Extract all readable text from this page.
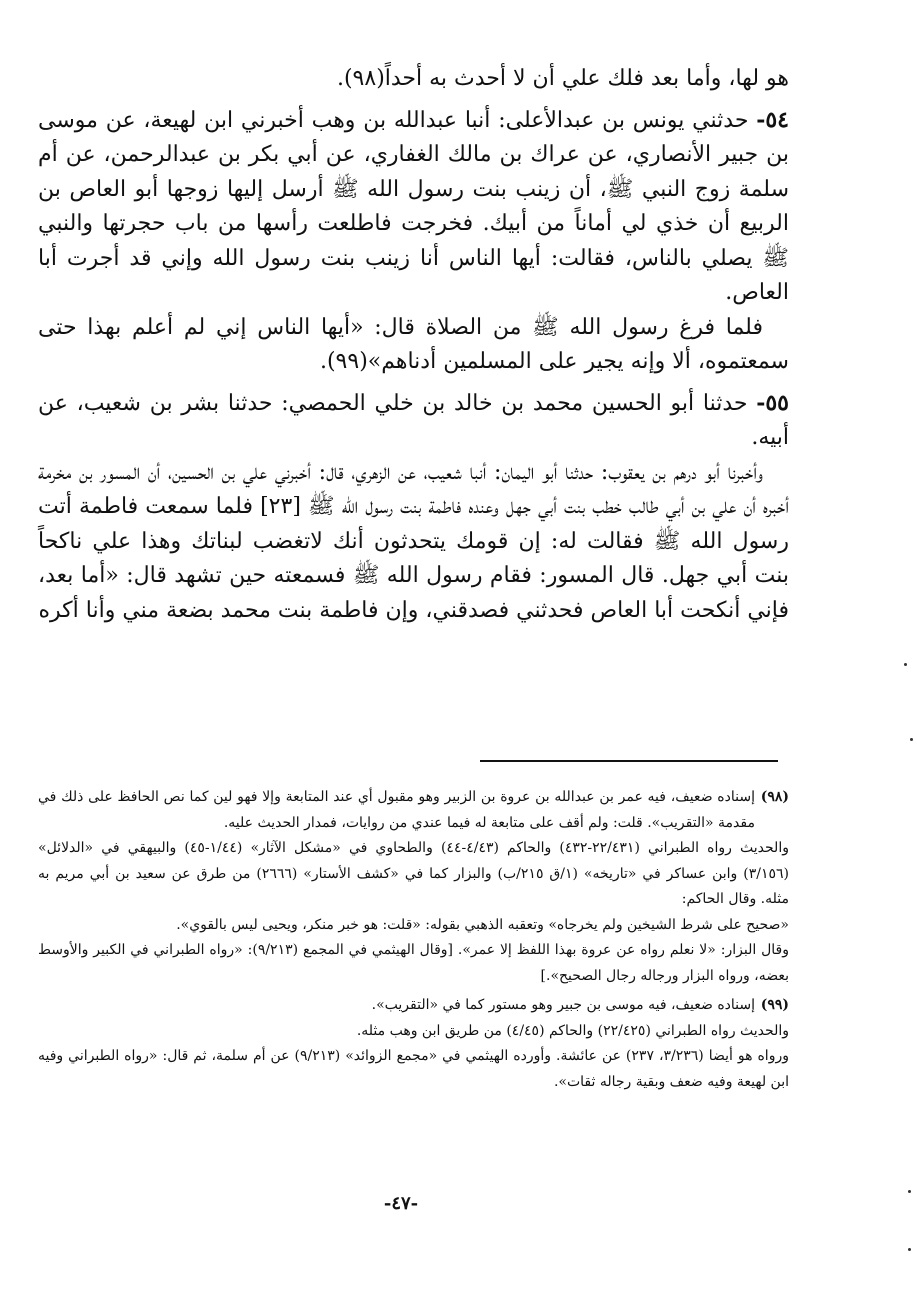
هو لها، وأما بعد فلك علي أن لا أحدث به أحداً(٩٨).

٥٤- حدثني يونس بن عبدالأعلى: أنبا عبدالله بن وهب أخبرني ابن لهيعة، عن موسى بن جبير الأنصاري، عن عراك بن مالك الغفاري، عن أبي بكر بن عبدالرحمن، عن أم سلمة زوج النبي ﷺ، أن زينب بنت رسول الله ﷺ أرسل إليها زوجها أبو العاص بن الربيع أن خذي لي أماناً من أبيك. فخرجت فاطلعت رأسها من باب حجرتها والنبي ﷺ يصلي بالناس، فقالت: أيها الناس أنا زينب بنت رسول الله وإني قد أجرت أبا العاص.

فلما فرغ رسول الله ﷺ من الصلاة قال: «أيها الناس إني لم أعلم بهذا حتى سمعتموه، ألا وإنه يجير على المسلمين أدناهم»(٩٩).

٥٥- حدثنا أبو الحسين محمد بن خالد بن خلي الحمصي: حدثنا بشر بن شعيب، عن أبيه.

وأخبرنا أبو درهم بن يعقوب: حدثنا أبو اليمان: أنبا شعيب، عن الزهري، قال: أخبرني علي بن الحسين، أن المسور بن مخرمة أخبره أن علي بن أبي طالب خطب بنت أبي جهل وعنده فاطمة بنت رسول الله ﷺ [٢٣] فلما سمعت فاطمة أتت رسول الله ﷺ فقالت له: إن قومك يتحدثون أنك لاتغضب لبناتك وهذا علي ناكحاً بنت أبي جهل. قال المسور: فقام رسول الله ﷺ فسمعته حين تشهد قال: «أما بعد، فإني أنكحت أبا العاص فحدثني فصدقني، وإن فاطمة بنت محمد بضعة مني وأنا أكره

(٩٨)
إسناده ضعيف، فيه عمر بن عبدالله بن عروة بن الزبير وهو مقبول أي عند المتابعة وإلا فهو لين كما نص الحافظ على ذلك في مقدمة «التقريب». قلت: ولم أقف على متابعة له فيما عندي من روايات، فمدار الحديث عليه.

والحديث رواه الطبراني (٢٢/٤٣١-٤٣٢) والحاكم (٤/٤٣-٤٤) والطحاوي في «مشكل الآثار» (١/٤٤-٤٥) والبيهقي في «الدلائل» (٣/١٥٦) وابن عساكر في «تاريخه» (١/ق ٢١٥/ب) والبزار كما في «كشف الأستار» (٢٦٦٦) من طرق عن سعيد بن أبي مريم به مثله. وقال الحاكم:

«صحيح على شرط الشيخين ولم يخرجاه» وتعقبه الذهبي بقوله: «قلت: هو خبر منكر، ويحيى ليس بالقوي».

وقال البزار: «لا نعلم رواه عن عروة بهذا اللفظ إلا عمر». [وقال الهيثمي في المجمع (٩/٢١٣): «رواه الطبراني في الكبير والأوسط بعضه، ورواه البزار ورجاله رجال الصحيح».]

(٩٩)
إسناده ضعيف، فيه موسى بن جبير وهو مستور كما في «التقريب».

والحديث رواه الطبراني (٢٢/٤٢٥) والحاكم (٤/٤٥) من طريق ابن وهب مثله.

ورواه هو أيضا (٣/٢٣٦، ٢٣٧) عن عائشة. وأورده الهيثمي في «مجمع الزوائد» (٩/٢١٣) عن أم سلمة، ثم قال: «رواه الطبراني وفيه ابن لهيعة وفيه ضعف وبقية رجاله ثقات».

-٤٧-
